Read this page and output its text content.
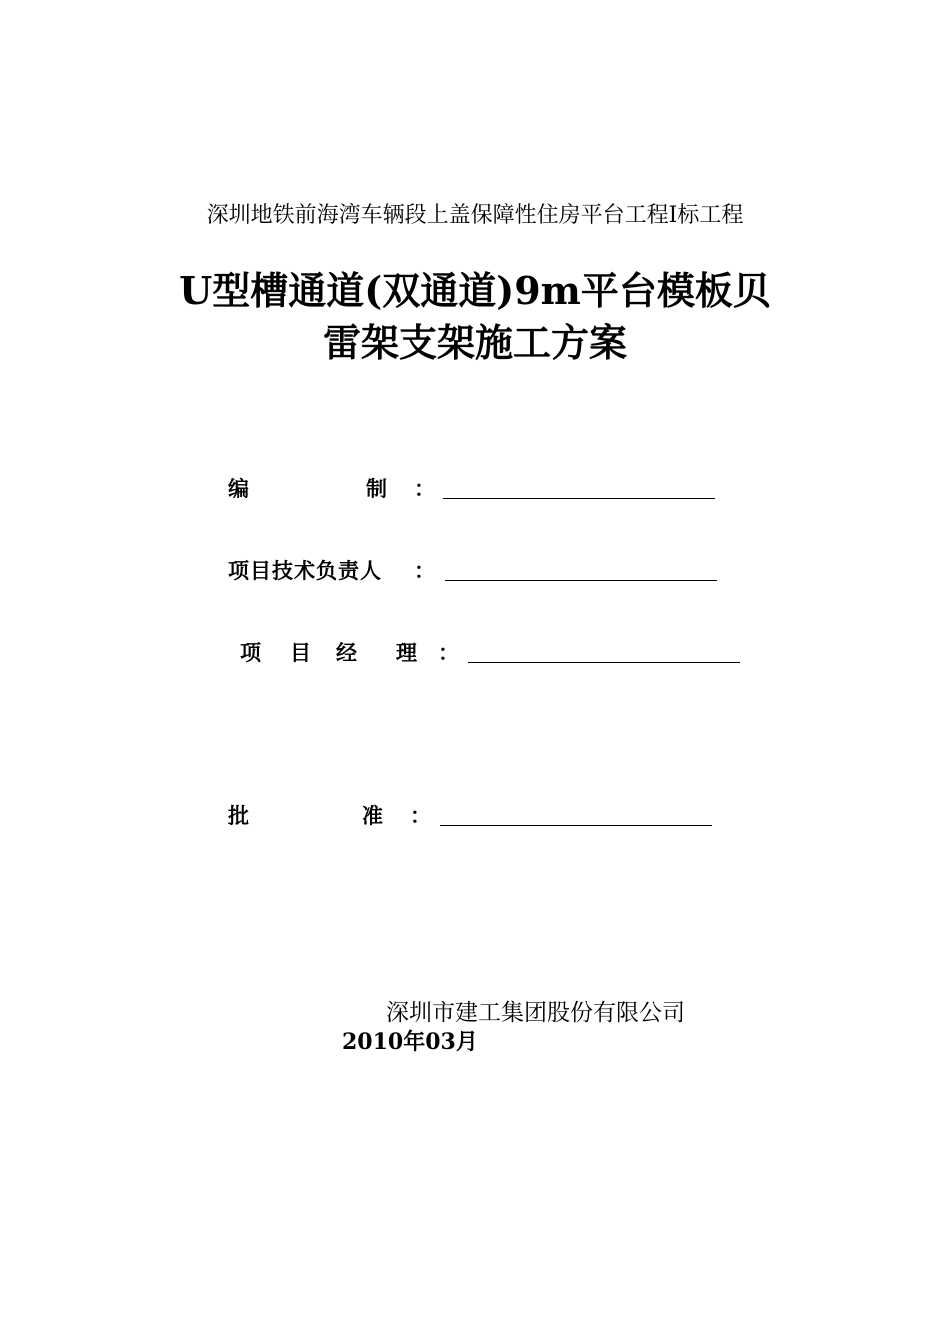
深圳地铁前海湾车辆段上盖保障性住房平台工程Ⅰ标工程
U型槽通道(双通道)9m平台模板贝
雷架支架施工方案
编	制 ：
项目技术负责人 ：
项 目 经 理 ：
批	准 ：
深圳市建工集团股份有限公司
2010年03月
